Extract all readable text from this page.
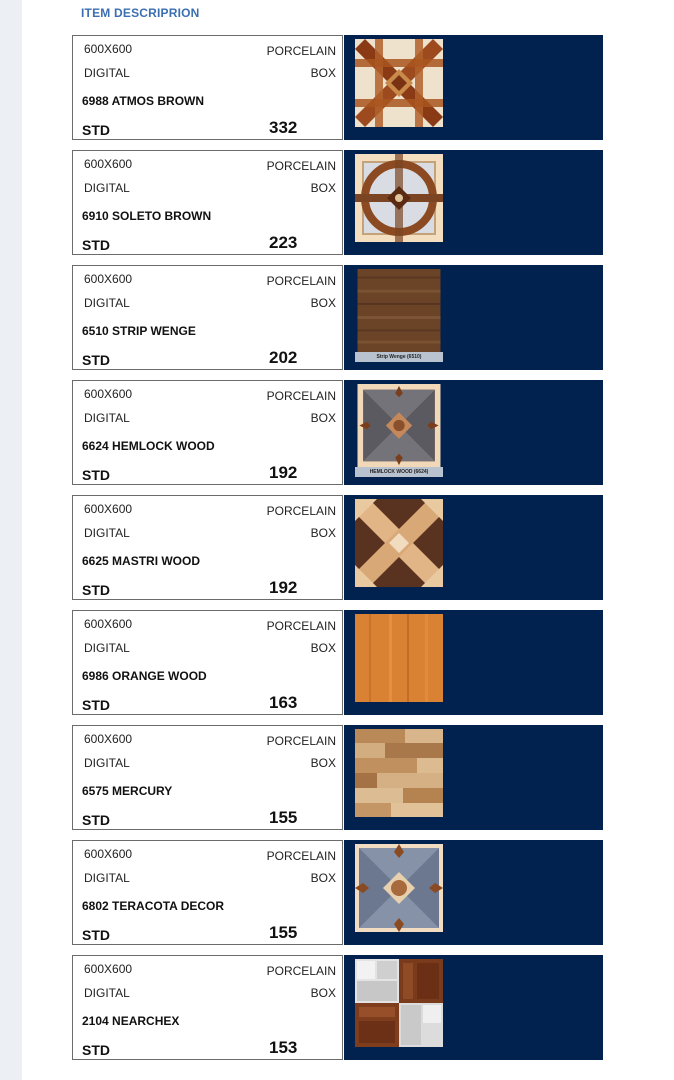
ITEM DESCRIPRION
600X600
DIGITAL
PORCELAIN
BOX
6988 ATMOS BROWN
STD	332
600X600
DIGITAL
PORCELAIN
BOX
6910 SOLETO BROWN
STD	223
600X600
DIGITAL
PORCELAIN
BOX
6510 STRIP WENGE
STD	202	Strip Wenge (6510)
600X600
DIGITAL
PORCELAIN
BOX
6624 HEMLOCK WOOD
STD	192	HEMLOCK WOOD (6624)
600X600
DIGITAL
PORCELAIN
BOX
6625 MASTRI WOOD
STD	192
600X600
DIGITAL
PORCELAIN
BOX
6986 ORANGE WOOD
STD	163
600X600
DIGITAL
PORCELAIN
BOX
6575 MERCURY
STD	155
600X600
DIGITAL
PORCELAIN
BOX
6802 TERACOTA DECOR
STD	155
600X600
DIGITAL
PORCELAIN
BOX
2104 NEARCHEX
STD	153
